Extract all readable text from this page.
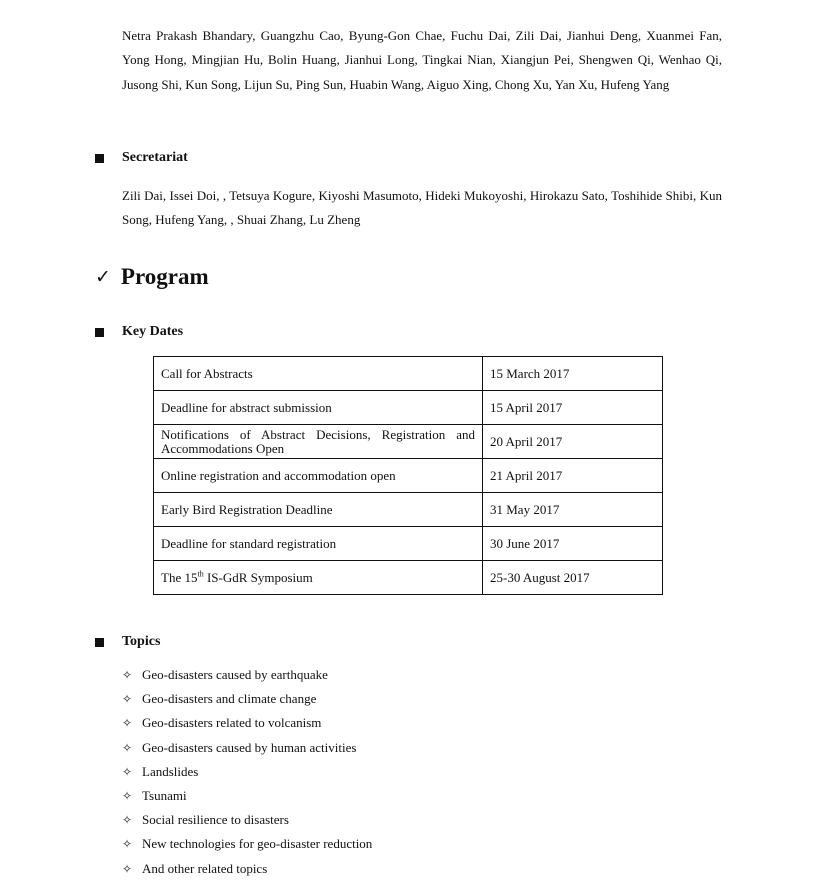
Netra Prakash Bhandary, Guangzhu Cao, Byung-Gon Chae, Fuchu Dai, Zili Dai, Jianhui Deng, Xuanmei Fan, Yong Hong, Mingjian Hu, Bolin Huang, Jianhui Long, Tingkai Nian, Xiangjun Pei, Shengwen Qi, Wenhao Qi, Jusong Shi, Kun Song, Lijun Su, Ping Sun, Huabin Wang, Aiguo Xing, Chong Xu, Yan Xu, Hufeng Yang

Secretariat

Zili Dai, Issei Doi, , Tetsuya Kogure, Kiyoshi Masumoto, Hideki Mukoyoshi, Hirokazu Sato, Toshihide Shibi, Kun Song, Hufeng Yang, , Shuai Zhang, Lu Zheng

✓ Program
Key Dates
Call for Abstracts	15 March 2017
Deadline for abstract submission	15 April 2017
Notifications of Abstract Decisions, Registration and Accommodations Open	20 April 2017
Online registration and accommodation open	21 April 2017
Early Bird Registration Deadline	31 May 2017
Deadline for standard registration	30 June 2017
The 15th IS-GdR Symposium	25-30 August 2017
Topics
✧ Geo-disasters caused by earthquake
✧ Geo-disasters and climate change
✧ Geo-disasters related to volcanism
✧ Geo-disasters caused by human activities
✧ Landslides
✧ Tsunami
✧ Social resilience to disasters
✧ New technologies for geo-disaster reduction
✧ And other related topics
